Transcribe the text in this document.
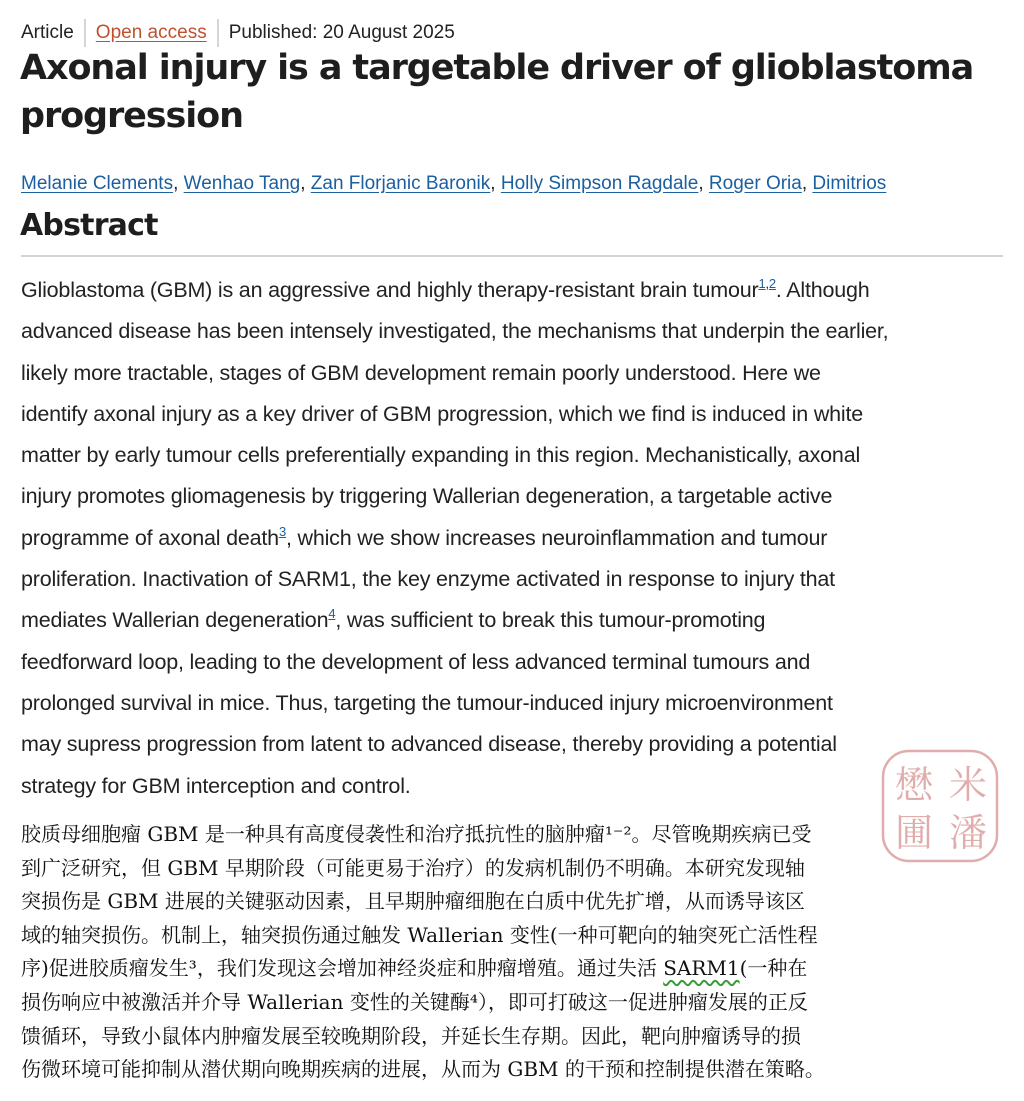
Article Open access Published: 20 August 2025
Axonal injury is a targetable driver of glioblastoma progression
Melanie Clements, Wenhao Tang, Zan Florjanic Baronik, Holly Simpson Ragdale, Roger Oria, Dimitrios
Abstract
Glioblastoma (GBM) is an aggressive and highly therapy-resistant brain tumour$^{1,2}$. Although
advanced disease has been intensely investigated, the mechanisms that underpin the earlier,
likely more tractable, stages of GBM development remain poorly understood. Here we
identify axonal injury as a key driver of GBM progression, which we find is induced in white
matter by early tumour cells preferentially expanding in this region. Mechanistically, axonal
injury promotes gliomagenesis by triggering Wallerian degeneration, a targetable active
programme of axonal death$^3$, which we show increases neuroinflammation and tumour
proliferation. Inactivation of SARM1, the key enzyme activated in response to injury that
mediates Wallerian degeneration$^4$, was sufficient to break this tumour-promoting
feedforward loop, leading to the development of less advanced terminal tumours and
prolonged survival in mice. Thus, targeting the tumour-induced injury microenvironment
may supress progression from latent to advanced disease, thereby providing a potential
strategy for GBM interception and control.
胶质母细胞瘤 GBM 是一种具有高度侵袭性和治疗抵抗性的脑肿瘤¹⁻²。尽管晚期疾病已受
到广泛研究，但 GBM 早期阶段（可能更易于治疗）的发病机制仍不明确。本研究发现轴
突损伤是 GBM 进展的关键驱动因素，且早期肿瘤细胞在白质中优先扩增，从而诱导该区
域的轴突损伤。机制上，轴突损伤通过触发 Wallerian 变性(一种可靶向的轴突死亡活性程
序)促进胶质瘤发生³，我们发现这会增加神经炎症和肿瘤增殖。通过失活 SARM1(一种在
损伤响应中被激活并介导 Wallerian 变性的关键酶⁴），即可打破这一促进肿瘤发展的正反
馈循环，导致小鼠体内肿瘤发展至较晚期阶段，并延长生存期。因此，靶向肿瘤诱导的损
伤微环境可能抑制从潜伏期向晚期疾病的进展，从而为 GBM 的干预和控制提供潜在策略。
米
懋
潘
圃
